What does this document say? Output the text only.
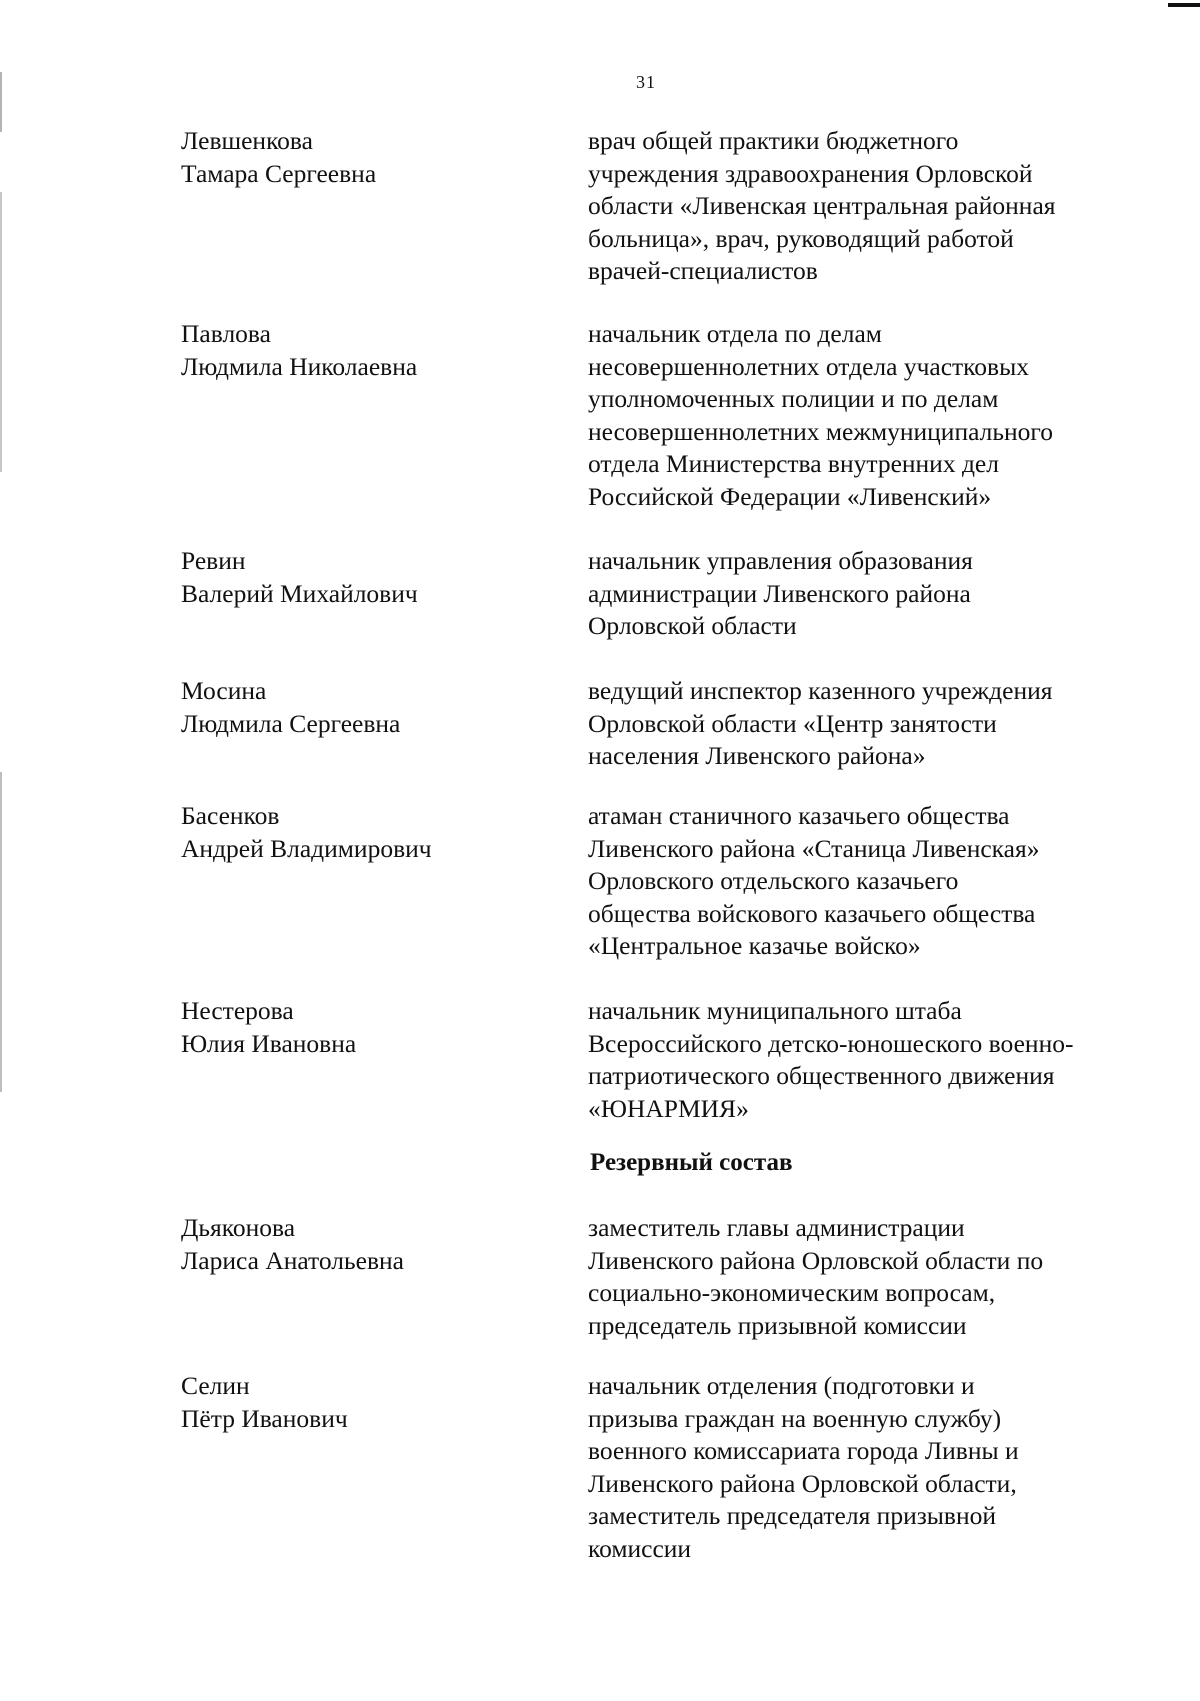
31
Левшенкова
Тамара Сергеевна
врач общей практики бюджетного
учреждения здравоохранения Орловской
области «Ливенская центральная районная
больница», врач, руководящий работой
врачей-специалистов
Павлова
Людмила Николаевна
начальник отдела по делам
несовершеннолетних отдела участковых
уполномоченных полиции и по делам
несовершеннолетних межмуниципального
отдела Министерства внутренних дел
Российской Федерации «Ливенский»
Ревин
Валерий Михайлович
начальник управления образования
администрации Ливенского района
Орловской области
Мосина
Людмила Сергеевна
ведущий инспектор казенного учреждения
Орловской области «Центр занятости
населения Ливенского района»
Басенков
Андрей Владимирович
атаман станичного казачьего общества
Ливенского района «Станица Ливенская»
Орловского отдельского казачьего
общества войскового казачьего общества
«Центральное казачье войско»
Нестерова
Юлия Ивановна
начальник муниципального штаба
Всероссийского детско-юношеского военно-
патриотического общественного движения
«ЮНАРМИЯ»
Резервный состав
Дьяконова
Лариса Анатольевна
заместитель главы администрации
Ливенского района Орловской области по
социально-экономическим вопросам,
председатель призывной комиссии
Селин
Пётр Иванович
начальник отделения (подготовки и
призыва граждан на военную службу)
военного комиссариата города Ливны и
Ливенского района Орловской области,
заместитель председателя призывной
комиссии
